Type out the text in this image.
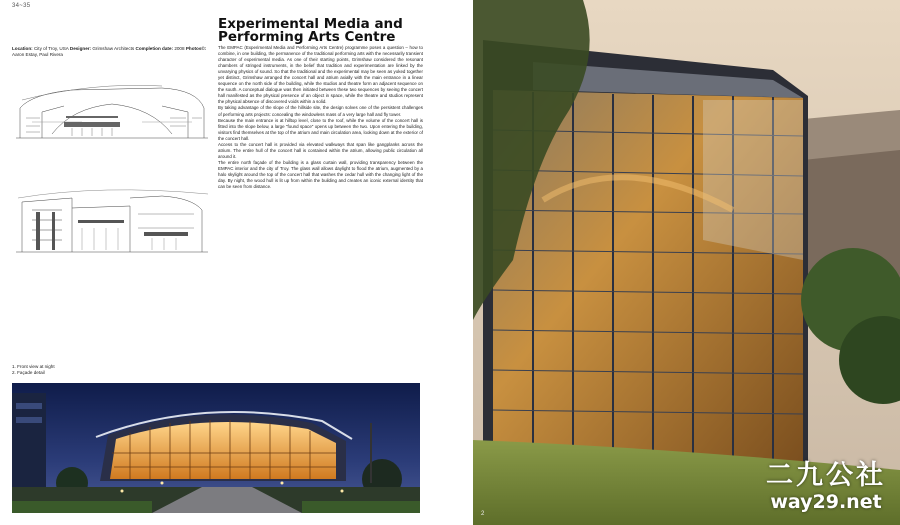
34~35
Experimental Media and Performing Arts Centre
Location: City of Troy, USA Designer: Grimshaw Architects Completion date: 2008 Photos©: Aaron Estay, Paul Rivera

The EMPAC (Experimental Media and Performing Arts Centre) programme poses a question – how to combine, in one building, the permanence of the traditional performing arts with the necessarily transient character of experimental media. As one of their starting points, Grimshaw considered the resonant chambers of stringed instruments, in the belief that tradition and experimentation are linked by the unvarying physics of sound. So that the traditional and the experimental may be seen as yoked together yet distinct, Grimshaw arranged the concert hall and atrium axially with the main entrance in a linear sequence on the north side of the building, while the studios and theatre form an adjacent sequence on the south. A conceptual dialogue was then initiated between these two sequences by seeing the concert hall manifested as the physical presence of an object in space, while the theatre and studios represent the physical absence of discovered voids within a solid.

By taking advantage of the slope of the hillside site, the design solves one of the persistent challenges of performing arts projects: concealing the windowless mass of a very large hall and fly tower.

Because the main entrance is at hilltop level, close to the roof, while the volume of the concert hall is fitted into the slope below, a large "found space" opens up between the two. Upon entering the building, visitors find themselves at the top of the atrium and main circulation area, looking down at the exterior of the concert hall.

Access to the concert hall is provided via elevated walkways that span like gangplanks across the atrium. The entire hull of the concert hall is contained within the atrium, allowing public circulation all around it.

The entire north façade of the building is a glass curtain wall, providing transparency between the EMPAC interior and the city of Troy. The glass wall allows daylight to flood the atrium, augmented by a halo skylight around the top of the concert hall that washes the cedar hull with the changing light of the day. By night, the wood hull is lit up from within the building and creates an iconic external identity that can be seen from distance.

1. Front view at night
2. Façade detail
2
二九公社
way29.net
